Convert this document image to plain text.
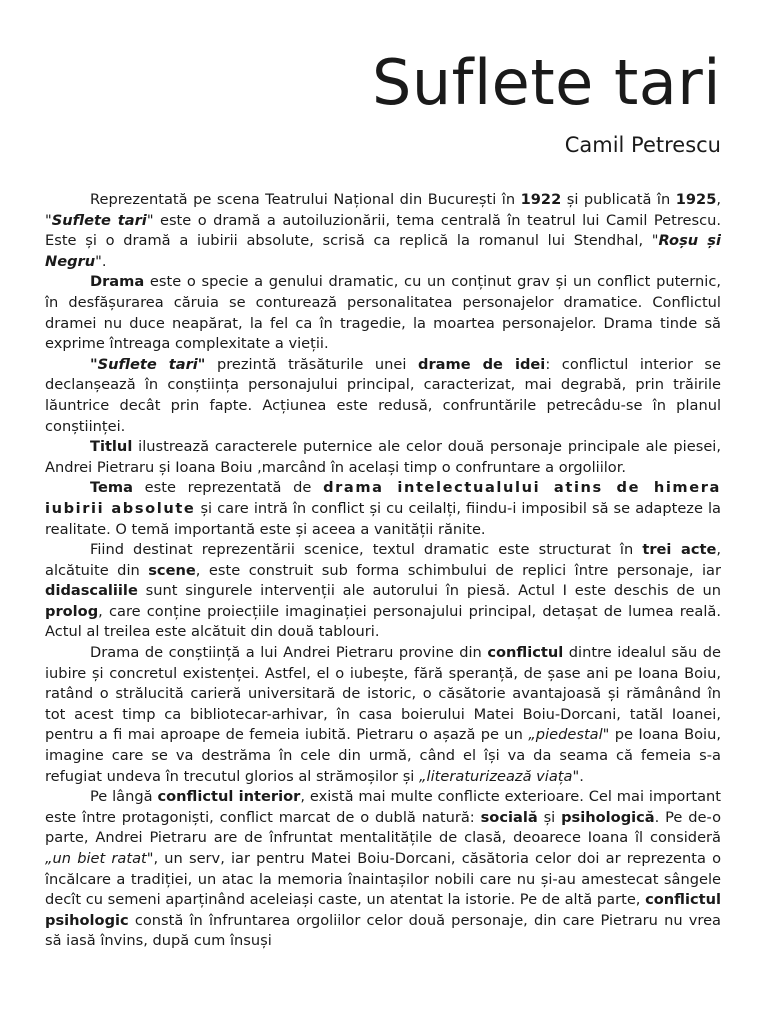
Suflete tari
Camil Petrescu

Reprezentată pe scena Teatrului Național din București în 1922 și publicată în 1925, "Suflete tari" este o dramă a autoiluzionării, tema centrală în teatrul lui Camil Petrescu. Este și o dramă a iubirii absolute, scrisă ca replică la romanul lui Stendhal, "Roșu și Negru".

Drama este o specie a genului dramatic, cu un conținut grav și un conflict puternic, în desfășurarea căruia se conturează personalitatea personajelor dramatice. Conflictul dramei nu duce neapărat, la fel ca în tragedie, la moartea personajelor. Drama tinde să exprime întreaga complexitate a vieții.

"Suflete tari" prezintă trăsăturile unei drame de idei: conflictul interior se declanșează în conștiința personajului principal, caracterizat, mai degrabă, prin trăirile lăuntrice decât prin fapte. Acțiunea este redusă, confruntările petrecâdu-se în planul conștiinței.

Titlul ilustrează caracterele puternice ale celor două personaje principale ale piesei, Andrei Pietraru și Ioana Boiu ,marcând în același timp o confruntare a orgoliilor.

Tema este reprezentată de drama intelectualului atins de himera iubirii absolute și care intră în conflict și cu ceilalți, fiindu-i imposibil să se adapteze la realitate. O temă importantă este și aceea a vanității rănite.

Fiind destinat reprezentării scenice, textul dramatic este structurat în trei acte, alcătuite din scene, este construit sub forma schimbului de replici între personaje, iar didascaliile sunt singurele intervenții ale autorului în piesă. Actul I este deschis de un prolog, care conține proiecțiile imaginației personajului principal, detașat de lumea reală. Actul al treilea este alcătuit din două tablouri.

Drama de conștiință a lui Andrei Pietraru provine din conflictul dintre idealul său de iubire și concretul existenței. Astfel, el o iubește, fără speranță, de șase ani pe Ioana Boiu, ratând o strălucită carieră universitară de istoric, o căsătorie avantajoasă și rămânând în tot acest timp ca bibliotecar-arhivar, în casa boierului Matei Boiu-Dorcani, tatăl Ioanei, pentru a fi mai aproape de femeia iubită. Pietraru o așază pe un „piedestal" pe Ioana Boiu, imagine care se va destrăma în cele din urmă, când el își va da seama că femeia s-a refugiat undeva în trecutul glorios al strămoșilor și „literaturizează viața".

Pe lângă conflictul interior, există mai multe conflicte exterioare. Cel mai important este între protagoniști, conflict marcat de o dublă natură: socială și psihologică. Pe de-o parte, Andrei Pietraru are de înfruntat mentalitățile de clasă, deoarece Ioana îl consideră „un biet ratat", un serv, iar pentru Matei Boiu-Dorcani, căsătoria celor doi ar reprezenta o încălcare a tradiției, un atac la memoria înaintașilor nobili care nu și-au amestecat sângele decît cu semeni aparținând aceleiași caste, un atentat la istorie. Pe de altă parte, conflictul psihologic constă în înfruntarea orgoliilor celor două personaje, din care Pietraru nu vrea să iasă învins, după cum însuși
